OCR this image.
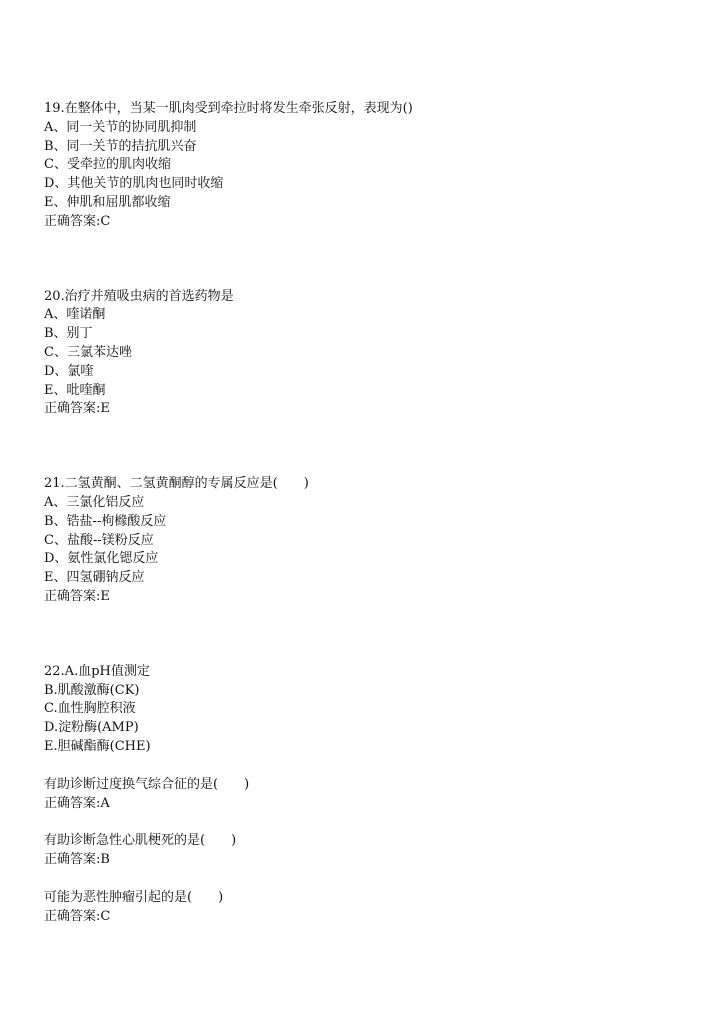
19.在整体中，当某一肌肉受到牵拉时将发生牵张反射，表现为()

A、同一关节的协同肌抑制

B、同一关节的拮抗肌兴奋

C、受牵拉的肌肉收缩

D、其他关节的肌肉也同时收缩

E、伸肌和屈肌都收缩

正确答案:C

20.治疗并殖吸虫病的首选药物是

A、喹诺酮

B、别丁

C、三氯苯达唑

D、氯喹

E、吡喹酮

正确答案:E

21.二氢黄酮、二氢黄酮醇的专属反应是(　　)

A、三氯化铝反应

B、锆盐--枸橼酸反应

C、盐酸--镁粉反应

D、氨性氯化锶反应

E、四氢硼钠反应

正确答案:E

22.A.血pH值测定

B.肌酸激酶(CK)

C.血性胸腔积液

D.淀粉酶(AMP)

E.胆碱酯酶(CHE)

有助诊断过度换气综合征的是(　　)

正确答案:A

有助诊断急性心肌梗死的是(　　)

正确答案:B

可能为恶性肿瘤引起的是(　　)

正确答案:C
